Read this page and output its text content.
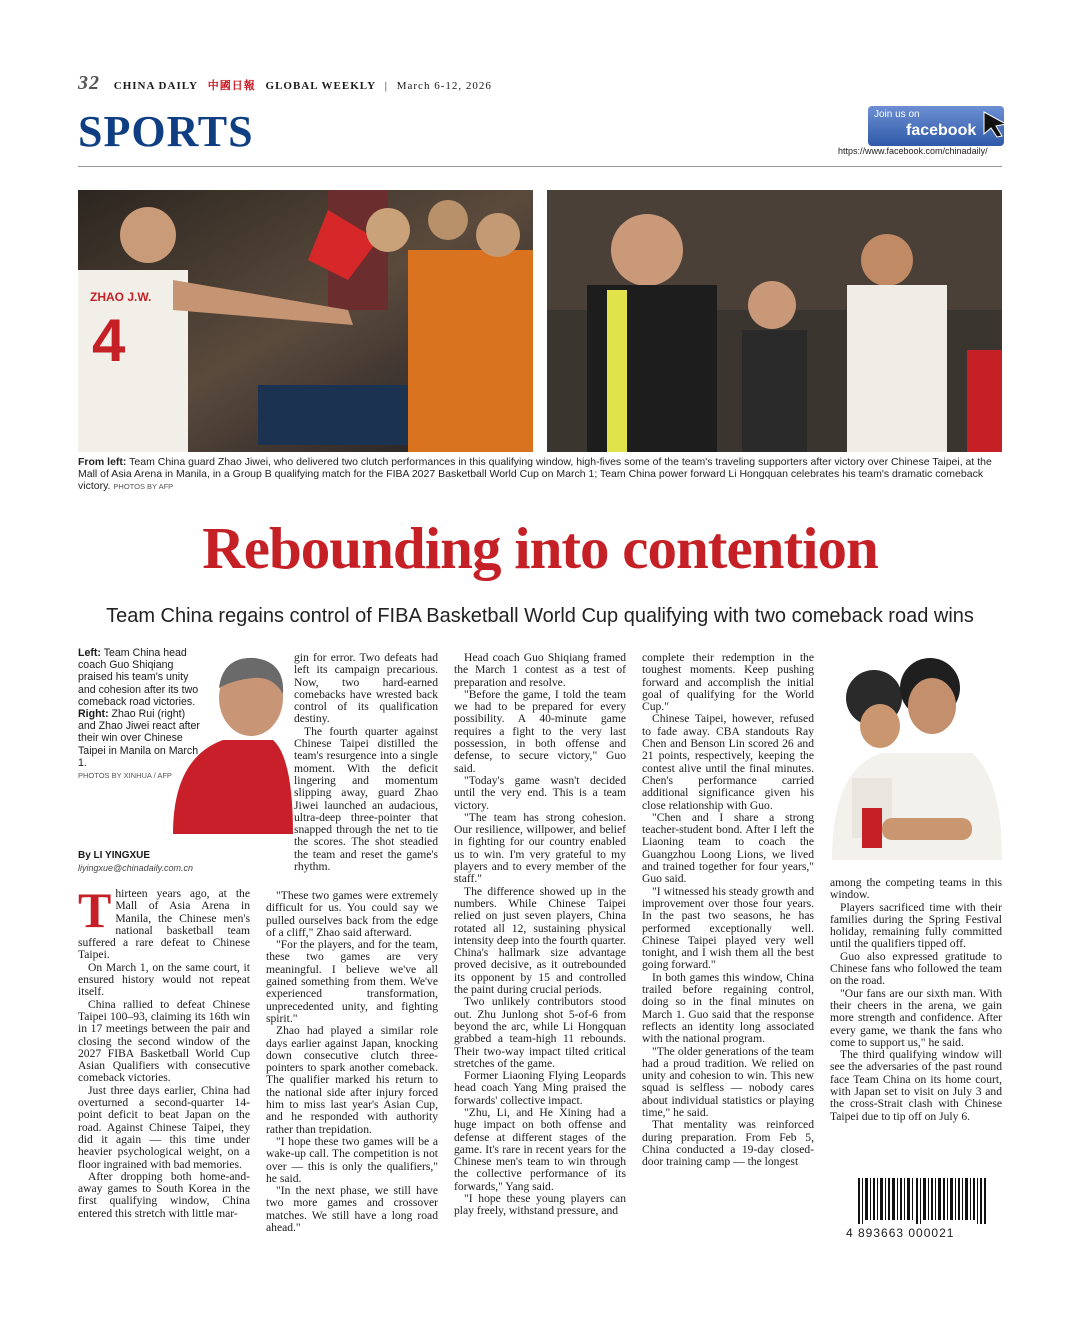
32 CHINA DAILY 中國日報 GLOBAL WEEKLY | March 6-12, 2026
SPORTS	Join us on
facebook
https://www.facebook.com/chinadaily/
ZHAO J.W.
4
From left: Team China guard Zhao Jiwei, who delivered two clutch performances in this qualifying window, high-fives some of the team's traveling supporters after victory over Chinese Taipei, at the Mall of Asia Arena in Manila, in a Group B qualifying match for the FIBA 2027 Basketball World Cup on March 1; Team China power forward Li Hongquan celebrates his team's dramatic comeback victory. PHOTOS BY AFP
Rebounding into contention
Team China regains control of FIBA Basketball World Cup qualifying with two comeback road wins
Left: Team China head coach Guo Shiqiang praised his team's unity and cohesion after its two comeback road victories.
Right: Zhao Rui (right) and Zhao Jiwei react after their win over Chinese Taipei in Manila on March 1.
PHOTOS BY XINHUA / AFP
By LI YINGXUE
liyingxue@chinadaily.com.cn

Thirteen years ago, at the Mall of Asia Arena in Manila, the Chinese men's national basketball team suffered a rare defeat to Chinese Taipei.

On March 1, on the same court, it ensured history would not repeat itself.

China rallied to defeat Chinese Taipei 100–93, claiming its 16th win in 17 meetings between the pair and closing the second window of the 2027 FIBA Basketball World Cup Asian Qualifiers with consecutive comeback victories.

Just three days earlier, China had overturned a second-quarter 14-point deficit to beat Japan on the road. Against Chinese Taipei, they did it again — this time under heavier psychological weight, on a floor ingrained with bad memories.

After dropping both home-and-away games to South Korea in the first qualifying window, China entered this stretch with little mar-

gin for error. Two defeats had left its campaign precarious. Now, two hard-earned comebacks have wrested back control of its qualification destiny.

The fourth quarter against Chinese Taipei distilled the team's resurgence into a single moment. With the deficit lingering and momentum slipping away, guard Zhao Jiwei launched an audacious, ultra-deep three-pointer that snapped through the net to tie the scores. The shot steadied the team and reset the game's rhythm.

"These two games were extremely difficult for us. You could say we pulled ourselves back from the edge of a cliff," Zhao said afterward.

"For the players, and for the team, these two games are very meaningful. I believe we've all gained something from them. We've experienced transformation, unprecedented unity, and fighting spirit."

Zhao had played a similar role days earlier against Japan, knocking down consecutive clutch three-pointers to spark another comeback. The qualifier marked his return to the national side after injury forced him to miss last year's Asian Cup, and he responded with authority rather than trepidation.

"I hope these two games will be a wake-up call. The competition is not over — this is only the qualifiers," he said.

"In the next phase, we still have two more games and crossover matches. We still have a long road ahead."

Head coach Guo Shiqiang framed the March 1 contest as a test of preparation and resolve.

"Before the game, I told the team we had to be prepared for every possibility. A 40-minute game requires a fight to the very last possession, in both offense and defense, to secure victory," Guo said.

"Today's game wasn't decided until the very end. This is a team victory.

"The team has strong cohesion. Our resilience, willpower, and belief in fighting for our country enabled us to win. I'm very grateful to my players and to every member of the staff."

The difference showed up in the numbers. While Chinese Taipei relied on just seven players, China rotated all 12, sustaining physical intensity deep into the fourth quarter. China's hallmark size advantage proved decisive, as it outrebounded its opponent by 15 and controlled the paint during crucial periods.

Two unlikely contributors stood out. Zhu Junlong shot 5-of-6 from beyond the arc, while Li Hongquan grabbed a team-high 11 rebounds. Their two-way impact tilted critical stretches of the game.

Former Liaoning Flying Leopards head coach Yang Ming praised the forwards' collective impact.

"Zhu, Li, and He Xining had a huge impact on both offense and defense at different stages of the game. It's rare in recent years for the Chinese men's team to win through the collective performance of its forwards," Yang said.

"I hope these young players can play freely, withstand pressure, and

complete their redemption in the toughest moments. Keep pushing forward and accomplish the initial goal of qualifying for the World Cup."

Chinese Taipei, however, refused to fade away. CBA standouts Ray Chen and Benson Lin scored 26 and 21 points, respectively, keeping the contest alive until the final minutes. Chen's performance carried additional significance given his close relationship with Guo.

"Chen and I share a strong teacher-student bond. After I left the Liaoning team to coach the Guangzhou Loong Lions, we lived and trained together for four years," Guo said.

"I witnessed his steady growth and improvement over those four years. In the past two seasons, he has performed exceptionally well. Chinese Taipei played very well tonight, and I wish them all the best going forward."

In both games this window, China trailed before regaining control, doing so in the final minutes on March 1. Guo said that the response reflects an identity long associated with the national program.

"The older generations of the team had a proud tradition. We relied on unity and cohesion to win. This new squad is selfless — nobody cares about individual statistics or playing time," he said.

That mentality was reinforced during preparation. From Feb 5, China conducted a 19-day closed-door training camp — the longest

among the competing teams in this window.

Players sacrificed time with their families during the Spring Festival holiday, remaining fully committed until the qualifiers tipped off.

Guo also expressed gratitude to Chinese fans who followed the team on the road.

"Our fans are our sixth man. With their cheers in the arena, we gain more strength and confidence. After every game, we thank the fans who come to support us," he said.

The third qualifying window will see the adversaries of the past round face Team China on its home court, with Japan set to visit on July 3 and the cross-Strait clash with Chinese Taipei due to tip off on July 6.

4 893663 000021
